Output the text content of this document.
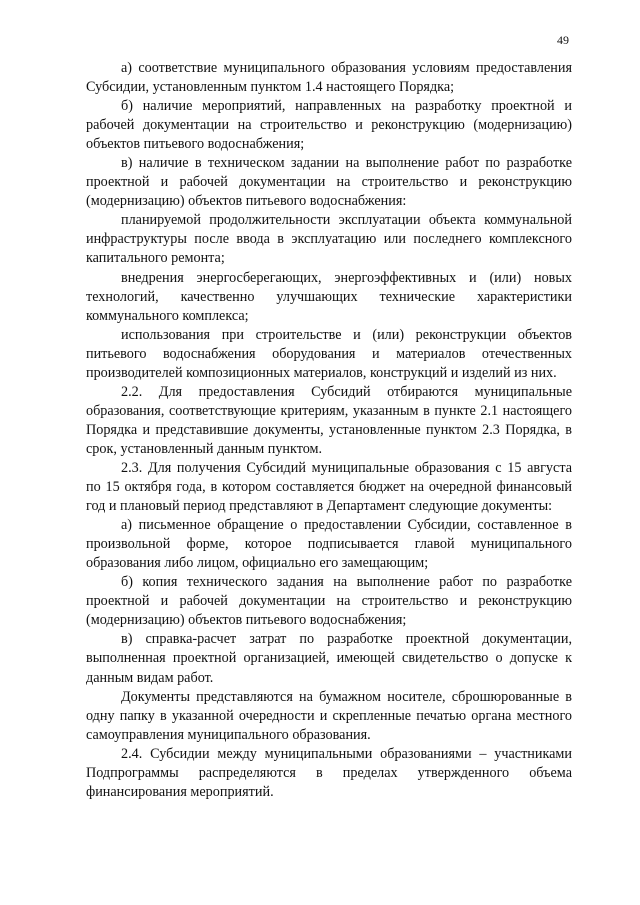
49

а) соответствие муниципального образования условиям предоставления Субсидии, установленным пунктом 1.4 настоящего Порядка;

б) наличие мероприятий, направленных на разработку проектной и рабочей документации на строительство и реконструкцию (модернизацию) объектов питьевого водоснабжения;

в) наличие в техническом задании на выполнение работ по разработке проектной и рабочей документации на строительство и реконструкцию (модернизацию) объектов питьевого водоснабжения:

планируемой продолжительности эксплуатации объекта коммунальной инфраструктуры после ввода в эксплуатацию или последнего комплексного капитального ремонта;

внедрения энергосберегающих, энергоэффективных и (или) новых технологий, качественно улучшающих технические характеристики коммунального комплекса;

использования при строительстве и (или) реконструкции объектов питьевого водоснабжения оборудования и материалов отечественных производителей композиционных материалов, конструкций и изделий из них.

2.2. Для предоставления Субсидий отбираются муниципальные образования, соответствующие критериям, указанным в пункте 2.1 настоящего Порядка и представившие документы, установленные пунктом 2.3 Порядка, в срок, установленный данным пунктом.

2.3. Для получения Субсидий муниципальные образования с 15 августа по 15 октября года, в котором составляется бюджет на очередной финансовый год и плановый период представляют в Департамент следующие документы:

а) письменное обращение о предоставлении Субсидии, составленное в произвольной форме, которое подписывается главой муниципального образования либо лицом, официально его замещающим;

б) копия технического задания на выполнение работ по разработке проектной и рабочей документации на строительство и реконструкцию (модернизацию) объектов питьевого водоснабжения;

в) справка-расчет затрат по разработке проектной документации, выполненная проектной организацией, имеющей свидетельство о допуске к данным видам работ.

Документы представляются на бумажном носителе, сброшюрованные в одну папку в указанной очередности и скрепленные печатью органа местного самоуправления муниципального образования.

2.4. Субсидии между муниципальными образованиями – участниками Подпрограммы распределяются в пределах утвержденного объема финансирования мероприятий.
